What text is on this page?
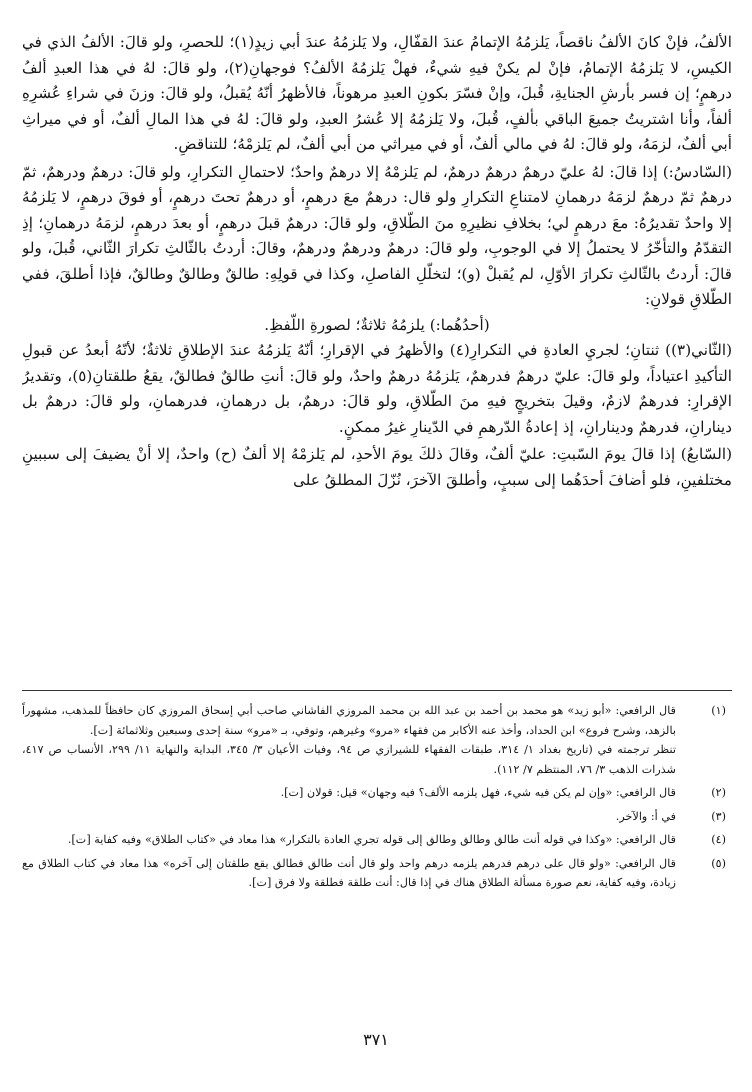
الألفُ، فإنْ كانَ الألفُ ناقصاً، يَلزمُهُ الإتمامُ عندَ القفّالِ، ولا يَلزمُهُ عندَ أبي زيدٍ(١)؛ للحصرِ، ولو قالَ: الألفُ الذي في الكيسِ، لا يَلزمُهُ الإتمامُ، فإنْ لم يكنْ فيهِ شيءٌ، فهلْ يَلزمُهُ الألفُ؟ فوجهانِ(٢)، ولو قالَ: لهُ في هذا العبدِ ألفُ درهمٍ؛ إن فسر بأرشِ الجنايةِ، قُبلَ، وإنْ فسّرَ بكونِ العبدِ مرهوناً، فالأظهرُ أنّهُ يُقبلُ، ولو قالَ: وزنَ في شراءِ عُشرِهِ ألفاً، وأنا اشتريتُ جميعَ الباقي بألفٍ، قُبلَ، ولا يَلزمُهُ إلا عُشرُ العبدِ، ولو قالَ: لهُ في هذا المالِ ألفٌ، أو في ميراثِ أبي ألفٌ، لزمَهُ، ولو قالَ: لهُ في مالي ألفٌ، أو في ميراثي من أبي ألفٌ، لم يَلزمْهُ؛ للتناقضِ.

(السّادسُ:) إذا قالَ: لهُ عليّ درهمٌ درهمٌ درهمٌ، لم يَلزمْهُ إلا درهمٌ واحدٌ؛ لاحتمالِ التكرارِ، ولو قالَ: درهمٌ ودرهمٌ، ثمّ درهمٌ ثمّ درهمٌ لزمَهُ درهمانِ لامتناعِ التكرارِ ولو قال: درهمٌ معَ درهمٍ، أو درهمٌ تحتَ درهمٍ، أو فوقَ درهمٍ، لا يَلزمُهُ إلا واحدٌ تقديرُهُ: معَ درهمٍ لي؛ بخلافِ نظيرِهِ منَ الطّلاقِ، ولو قالَ: درهمٌ قبلَ درهمٍ، أو بعدَ درهمٍ، لزمَهُ درهمانِ؛ إذِ التقدّمُ والتأخّرُ لا يحتملُ إلا في الوجوبِ، ولو قالَ: درهمٌ ودرهمٌ ودرهمٌ، وقالَ: أردتُ بالثّالثِ تكرارَ الثّاني، قُبلَ، ولو قالَ: أردتُ بالثّالثِ تكرارَ الأوّلِ، لم يُقبلْ (و)؛ لتخلّلِ الفاصلِ، وكذا في قولِهِ: طالقٌ وطالقٌ وطالقٌ، فإذا أطلقَ، ففي الطّلاقِ قولانِ:

(أحدُهُما:) يلزمُهُ ثلاثةٌ؛ لصورةِ اللّفظِ.

(الثّاني(٣)) ثنتانِ؛ لجريِ العادةِ في التكرارِ(٤) والأظهرُ في الإقرارِ؛ أنّهُ يَلزمُهُ عندَ الإطلاقِ ثلاثةٌ؛ لأنّهُ أبعدُ عن قبولِ التأكيدِ اعتياداً، ولو قالَ: عليّ درهمٌ فدرهمٌ، يَلزمُهُ درهمٌ واحدٌ، ولو قالَ: أنتِ طالقٌ فطالقٌ، يقعُ طلقتانِ(٥)، وتقديرُ الإقرارِ: فدرهمٌ لازمٌ، وقيلَ بتخريجٍ فيهِ منَ الطّلاقِ، ولو قالَ: درهمٌ، بل درهمانِ، فدرهمانِ، ولو قالَ: درهمٌ بل دينارانِ، فدرهمٌ ودينارانِ، إذ إعادةُ الدّرهمِ في الدّينارِ غيرُ ممكنٍ.

(السّابعُ) إذا قالَ يومَ السّبتِ: عليّ ألفٌ، وقالَ ذلكَ يومَ الأحدِ، لم يَلزمْهُ إلا ألفٌ (ح) واحدٌ، إلا أنْ يضيفَ إلى سببينِ مختلفينِ، فلو أضافَ أحدَهُما إلى سببٍ، وأطلقَ الآخرَ، نُزّلَ المطلقُ على

(١)
قال الرافعي: «أبو زيد» هو محمد بن أحمد بن عبد الله بن محمد المروزي الفاشاني صاحب أبي إسحاق المروزي كان حافظاً للمذهب، مشهوراً بالزهد، وشرح فروع» ابن الحداد، وأخذ عنه الأكابر من فقهاء «مرو» وغيرهم، وتوفي، بـ «مرو» سنة إحدى وسبعين وثلاثمائة [ت].
تنظر ترجمته في (تاريخ بغداد ١/ ٣١٤، طبقات الفقهاء للشيرازي ص ٩٤، وفيات الأعيان ٣/ ٣٤٥، البداية والنهاية ١١/ ٢٩٩، الأنساب ص ٤١٧، شذرات الذهب ٣/ ٧٦، المنتظم ٧/ ١١٢).
(٢)
قال الرافعي: «وإن لم يكن فيه شيء، فهل يلزمه الألف؟ فيه وجهان» قيل: قولان [ت].
(٣)
في أ: والآخر.
(٤)
قال الرافعي: «وكذا في قوله أنت طالق وطالق وطالق إلى قوله تجري العادة بالتكرار» هذا معاد في «كتاب الطلاق» وفيه كفاية [ت].
(٥)
قال الرافعي: «ولو قال على درهم فدرهم يلزمه درهم واحد ولو قال أنت طالق فطالق يقع طلقتان إلى آخره» هذا معاد في كتاب الطلاق مع زيادة، وفيه كفاية، نعم صورة مسألة الطلاق هناك في إذا قال: أنت طلقة فطلقة ولا فرق [ت].
٣٧١
